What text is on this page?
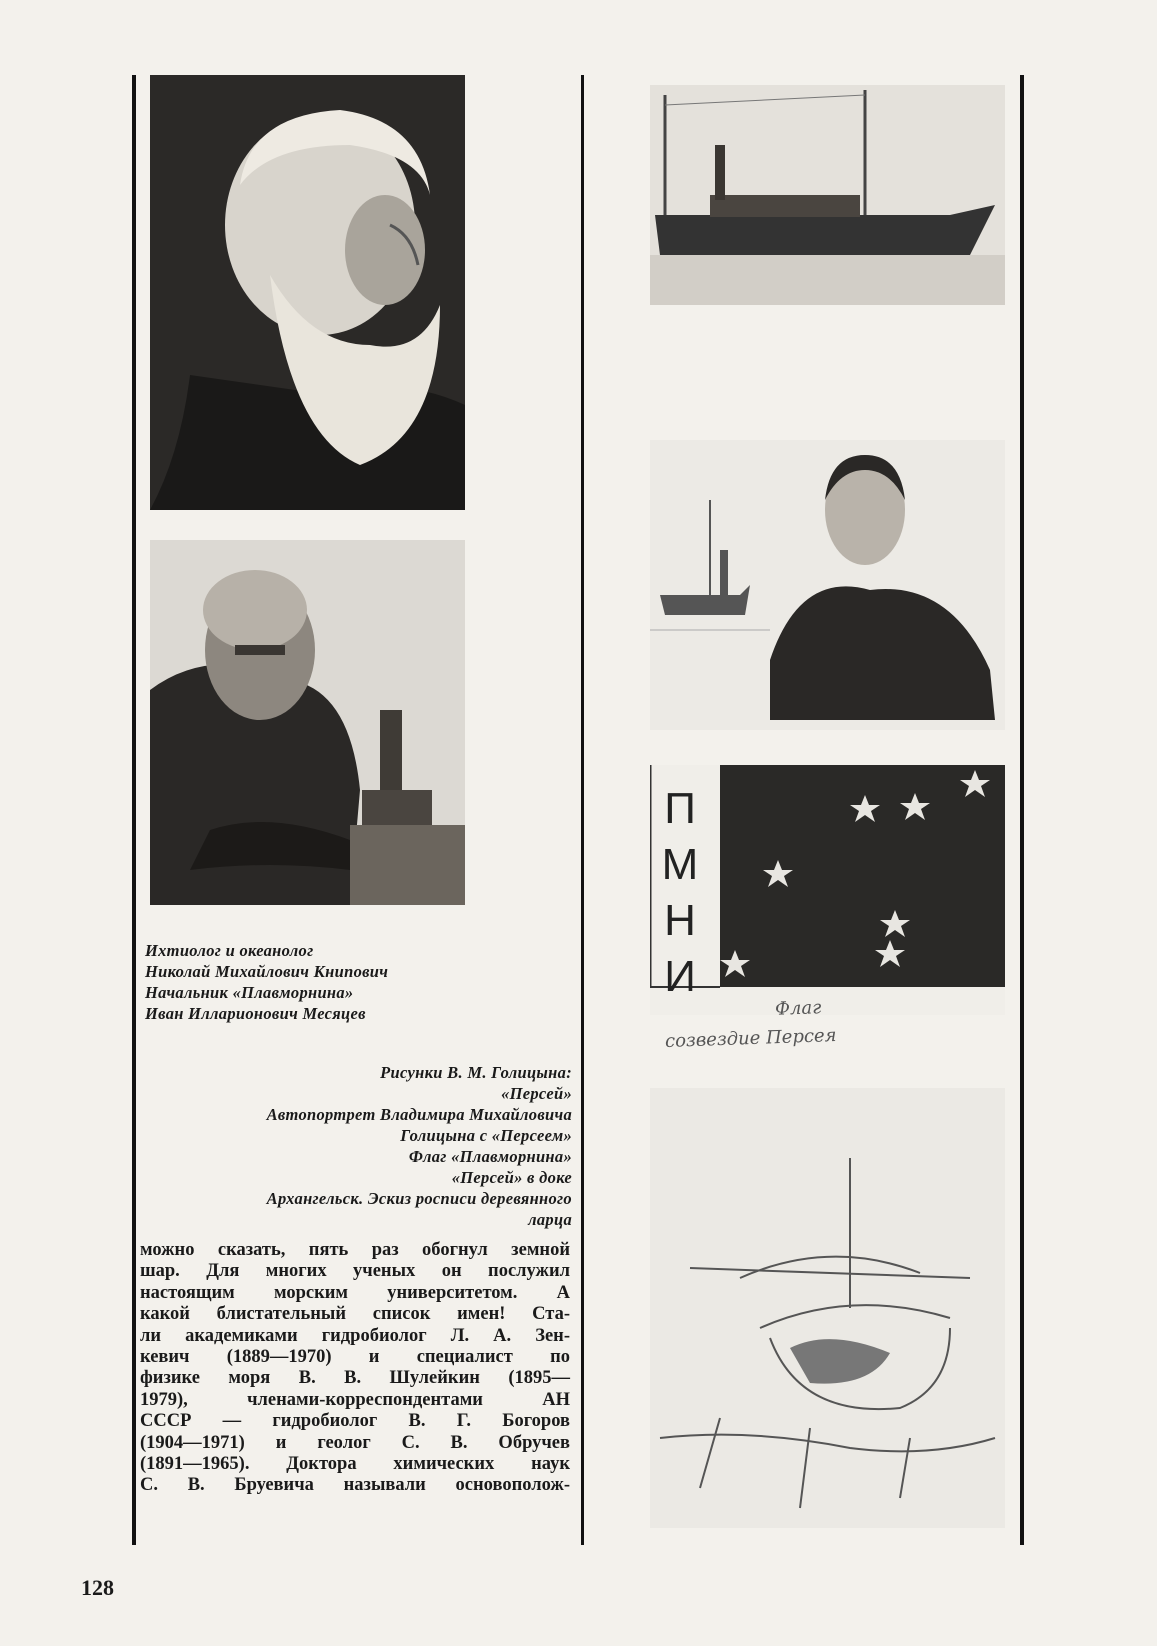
Ихтиолог и океанолог
Николай Михайлович Книпович
Начальник «Плавморнина»
Иван Илларионович Месяцев
Рисунки В. М. Голицына:
«Персей»
Автопортрет Владимира Михайловича
Голицына с «Персеем»
Флаг «Плавморнина»
«Персей» в доке
Архангельск. Эскиз росписи деревянного
ларца
можно сказать, пять раз обогнул земной
шар. Для многих ученых он послужил
настоящим морским университетом. А
какой блистательный список имен! Ста-
ли академиками гидробиолог Л. А. Зен-
кевич (1889—1970) и специалист по
физике моря В. В. Шулейкин (1895—
1979), членами-корреспондентами АН
СССР — гидробиолог В. Г. Богоров
(1904—1971) и геолог С. В. Обручев
(1891—1965). Доктора химических наук
С. В. Бруевича называли основополож-
П
М
Н
И
Флаг
созвездие Персея
128
